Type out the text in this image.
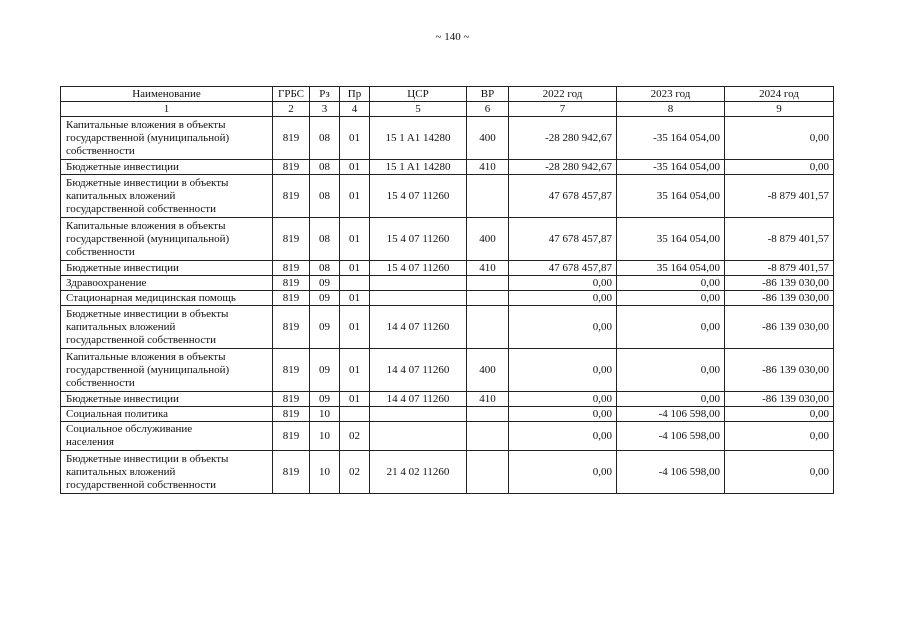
~ 140 ~
Наименование	ГРБС	Рз	Пр	ЦСР	ВР	2022 год	2023 год	2024 год
1	2	3	4	5	6	7	8	9
Капитальные вложения в объекты
государственной (муниципальной)
собственности	819	08	01	15 1 A1 14280	400	-28 280 942,67	-35 164 054,00	0,00
Бюджетные инвестиции	819	08	01	15 1 A1 14280	410	-28 280 942,67	-35 164 054,00	0,00
Бюджетные инвестиции в объекты
капитальных вложений
государственной собственности	819	08	01	15 4 07 11260		47 678 457,87	35 164 054,00	-8 879 401,57
Капитальные вложения в объекты
государственной (муниципальной)
собственности	819	08	01	15 4 07 11260	400	47 678 457,87	35 164 054,00	-8 879 401,57
Бюджетные инвестиции	819	08	01	15 4 07 11260	410	47 678 457,87	35 164 054,00	-8 879 401,57
Здравоохранение	819	09				0,00	0,00	-86 139 030,00
Стационарная медицинская помощь	819	09	01			0,00	0,00	-86 139 030,00
Бюджетные инвестиции в объекты
капитальных вложений
государственной собственности	819	09	01	14 4 07 11260		0,00	0,00	-86 139 030,00
Капитальные вложения в объекты
государственной (муниципальной)
собственности	819	09	01	14 4 07 11260	400	0,00	0,00	-86 139 030,00
Бюджетные инвестиции	819	09	01	14 4 07 11260	410	0,00	0,00	-86 139 030,00
Социальная политика	819	10				0,00	-4 106 598,00	0,00
Социальное обслуживание
населения	819	10	02			0,00	-4 106 598,00	0,00
Бюджетные инвестиции в объекты
капитальных вложений
государственной собственности	819	10	02	21 4 02 11260		0,00	-4 106 598,00	0,00
